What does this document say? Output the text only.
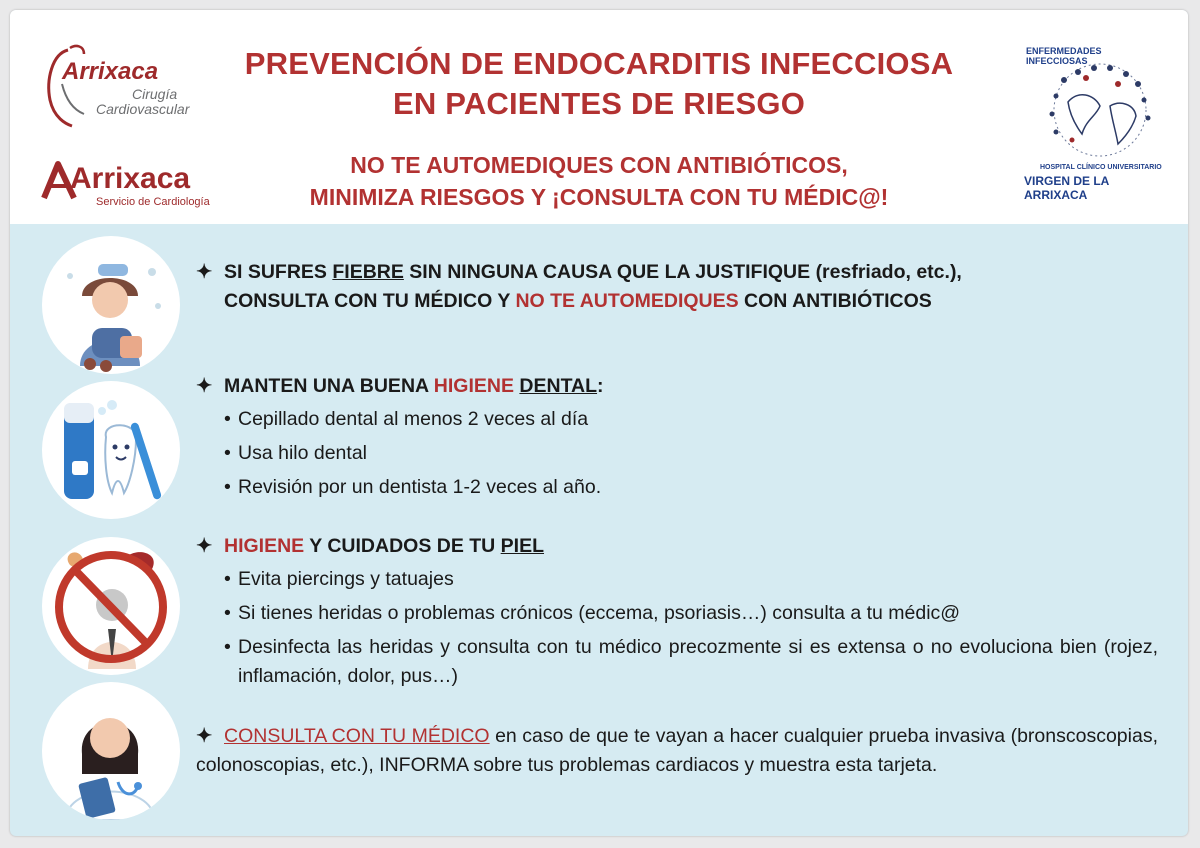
Arrixaca
Cirugía
Cardiovascular
Arrixaca
Servicio de Cardiología
PREVENCIÓN DE ENDOCARDITIS INFECCIOSA
EN PACIENTES DE RIESGO
NO TE AUTOMEDIQUES CON ANTIBIÓTICOS,
MINIMIZA RIESGOS Y ¡CONSULTA CON TU MÉDIC@!
ENFERMEDADES
INFECCIOSAS
HOSPITAL CLÍNICO UNIVERSITARIO
VIRGEN DE LA ARRIXACA
✦ SI SUFRES FIEBRE SIN NINGUNA CAUSA QUE LA JUSTIFIQUE (resfriado, etc.),
CONSULTA CON TU MÉDICO Y NO TE AUTOMEDIQUES CON ANTIBIÓTICOS
✦ MANTEN UNA BUENA HIGIENE DENTAL:
• Cepillado dental al menos 2 veces al día
• Usa hilo dental
• Revisión por un dentista 1-2 veces al año.
✦ HIGIENE Y CUIDADOS DE TU PIEL
• Evita piercings y tatuajes
• Si tienes heridas o problemas crónicos (eccema, psoriasis…) consulta a tu médic@
• Desinfecta las heridas y consulta con tu médico precozmente si es extensa o no evoluciona bien (rojez, inflamación, dolor, pus…)
✦ CONSULTA CON TU MÉDICO en caso de que te vayan a hacer cualquier prueba invasiva (bronscoscopias, colonoscopias, etc.), INFORMA sobre tus problemas cardiacos y muestra esta tarjeta.
